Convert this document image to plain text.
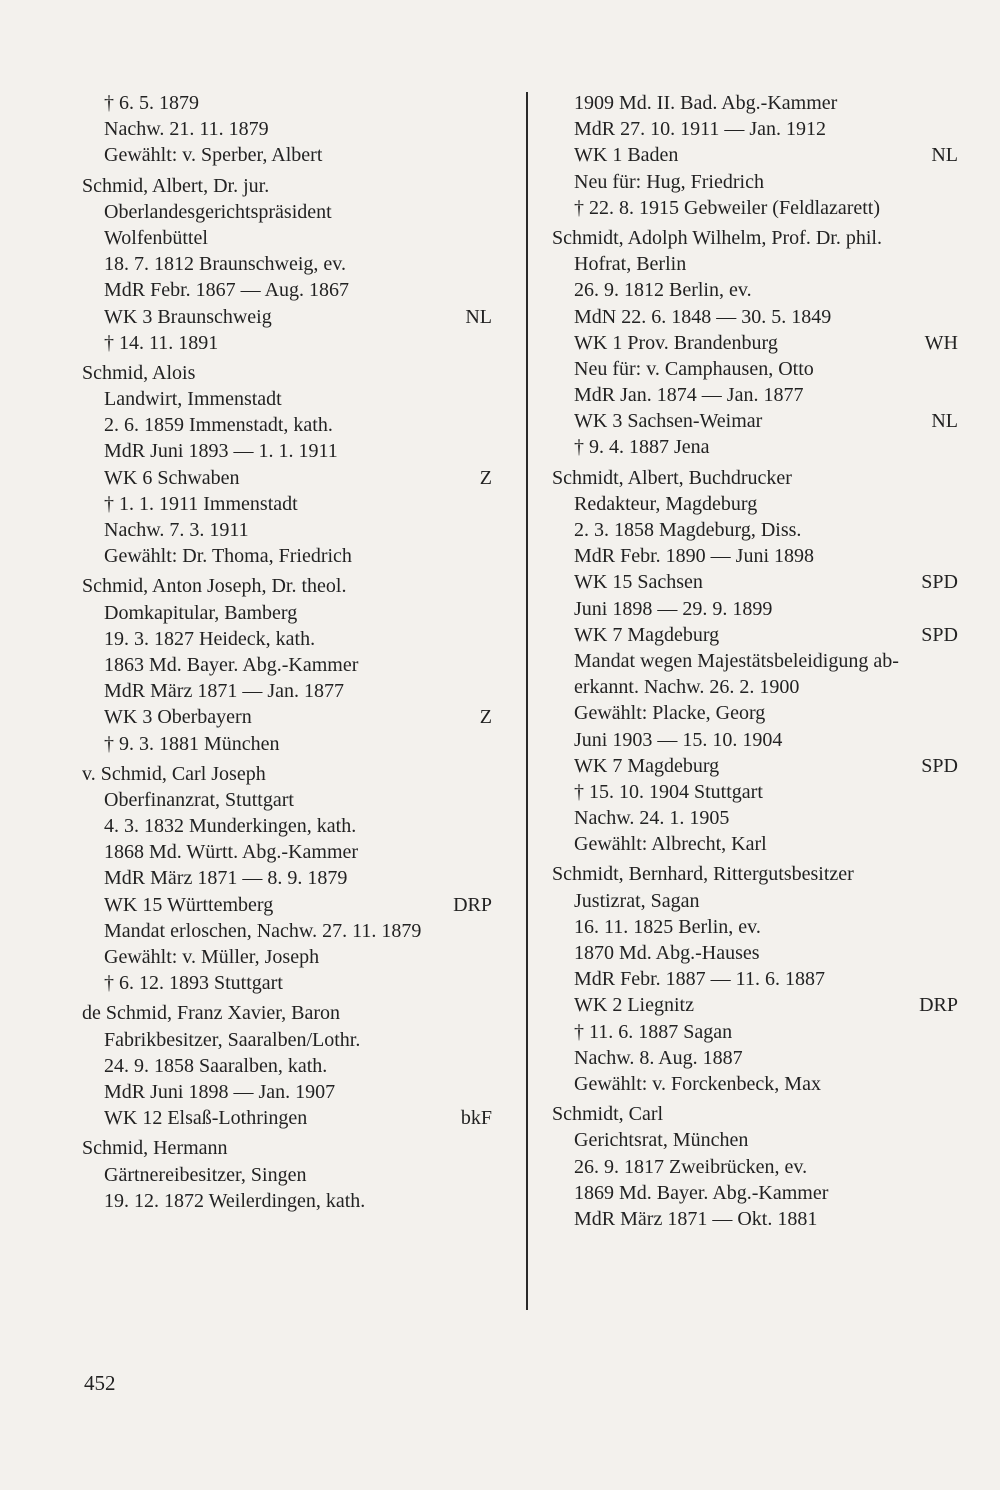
† 6. 5. 1879
Nachw. 21. 11. 1879
Gewählt: v. Sperber, Albert
Schmid, Albert, Dr. jur.
Oberlandesgerichtspräsident
Wolfenbüttel
18. 7. 1812 Braunschweig, ev.
MdR Febr. 1867 — Aug. 1867
WK 3 Braunschweig	NL
† 14. 11. 1891
Schmid, Alois
Landwirt, Immenstadt
2. 6. 1859 Immenstadt, kath.
MdR Juni 1893 — 1. 1. 1911
WK 6 Schwaben	Z
† 1. 1. 1911 Immenstadt
Nachw. 7. 3. 1911
Gewählt: Dr. Thoma, Friedrich
Schmid, Anton Joseph, Dr. theol.
Domkapitular, Bamberg
19. 3. 1827 Heideck, kath.
1863 Md. Bayer. Abg.-Kammer
MdR März 1871 — Jan. 1877
WK 3 Oberbayern	Z
† 9. 3. 1881 München
v. Schmid, Carl Joseph
Oberfinanzrat, Stuttgart
4. 3. 1832 Munderkingen, kath.
1868 Md. Württ. Abg.-Kammer
MdR März 1871 — 8. 9. 1879
WK 15 Württemberg	DRP
Mandat erloschen, Nachw. 27. 11. 1879
Gewählt: v. Müller, Joseph
† 6. 12. 1893 Stuttgart
de Schmid, Franz Xavier, Baron
Fabrikbesitzer, Saaralben/Lothr.
24. 9. 1858 Saaralben, kath.
MdR Juni 1898 — Jan. 1907
WK 12 Elsaß-Lothringen	bkF
Schmid, Hermann
Gärtnereibesitzer, Singen
19. 12. 1872 Weilerdingen, kath.
1909 Md. II. Bad. Abg.-Kammer
MdR 27. 10. 1911 — Jan. 1912
WK 1 Baden	NL
Neu für: Hug, Friedrich
† 22. 8. 1915 Gebweiler (Feldlazarett)
Schmidt, Adolph Wilhelm, Prof. Dr. phil.
Hofrat, Berlin
26. 9. 1812 Berlin, ev.
MdN 22. 6. 1848 — 30. 5. 1849
WK 1 Prov. Brandenburg	WH
Neu für: v. Camphausen, Otto
MdR Jan. 1874 — Jan. 1877
WK 3 Sachsen-Weimar	NL
† 9. 4. 1887 Jena
Schmidt, Albert, Buchdrucker
Redakteur, Magdeburg
2. 3. 1858 Magdeburg, Diss.
MdR Febr. 1890 — Juni 1898
WK 15 Sachsen	SPD
Juni 1898 — 29. 9. 1899
WK 7 Magdeburg	SPD
Mandat wegen Majestätsbeleidigung ab-
erkannt. Nachw. 26. 2. 1900
Gewählt: Placke, Georg
Juni 1903 — 15. 10. 1904
WK 7 Magdeburg	SPD
† 15. 10. 1904 Stuttgart
Nachw. 24. 1. 1905
Gewählt: Albrecht, Karl
Schmidt, Bernhard, Rittergutsbesitzer
Justizrat, Sagan
16. 11. 1825 Berlin, ev.
1870 Md. Abg.-Hauses
MdR Febr. 1887 — 11. 6. 1887
WK 2 Liegnitz	DRP
† 11. 6. 1887 Sagan
Nachw. 8. Aug. 1887
Gewählt: v. Forckenbeck, Max
Schmidt, Carl
Gerichtsrat, München
26. 9. 1817 Zweibrücken, ev.
1869 Md. Bayer. Abg.-Kammer
MdR März 1871 — Okt. 1881
452
